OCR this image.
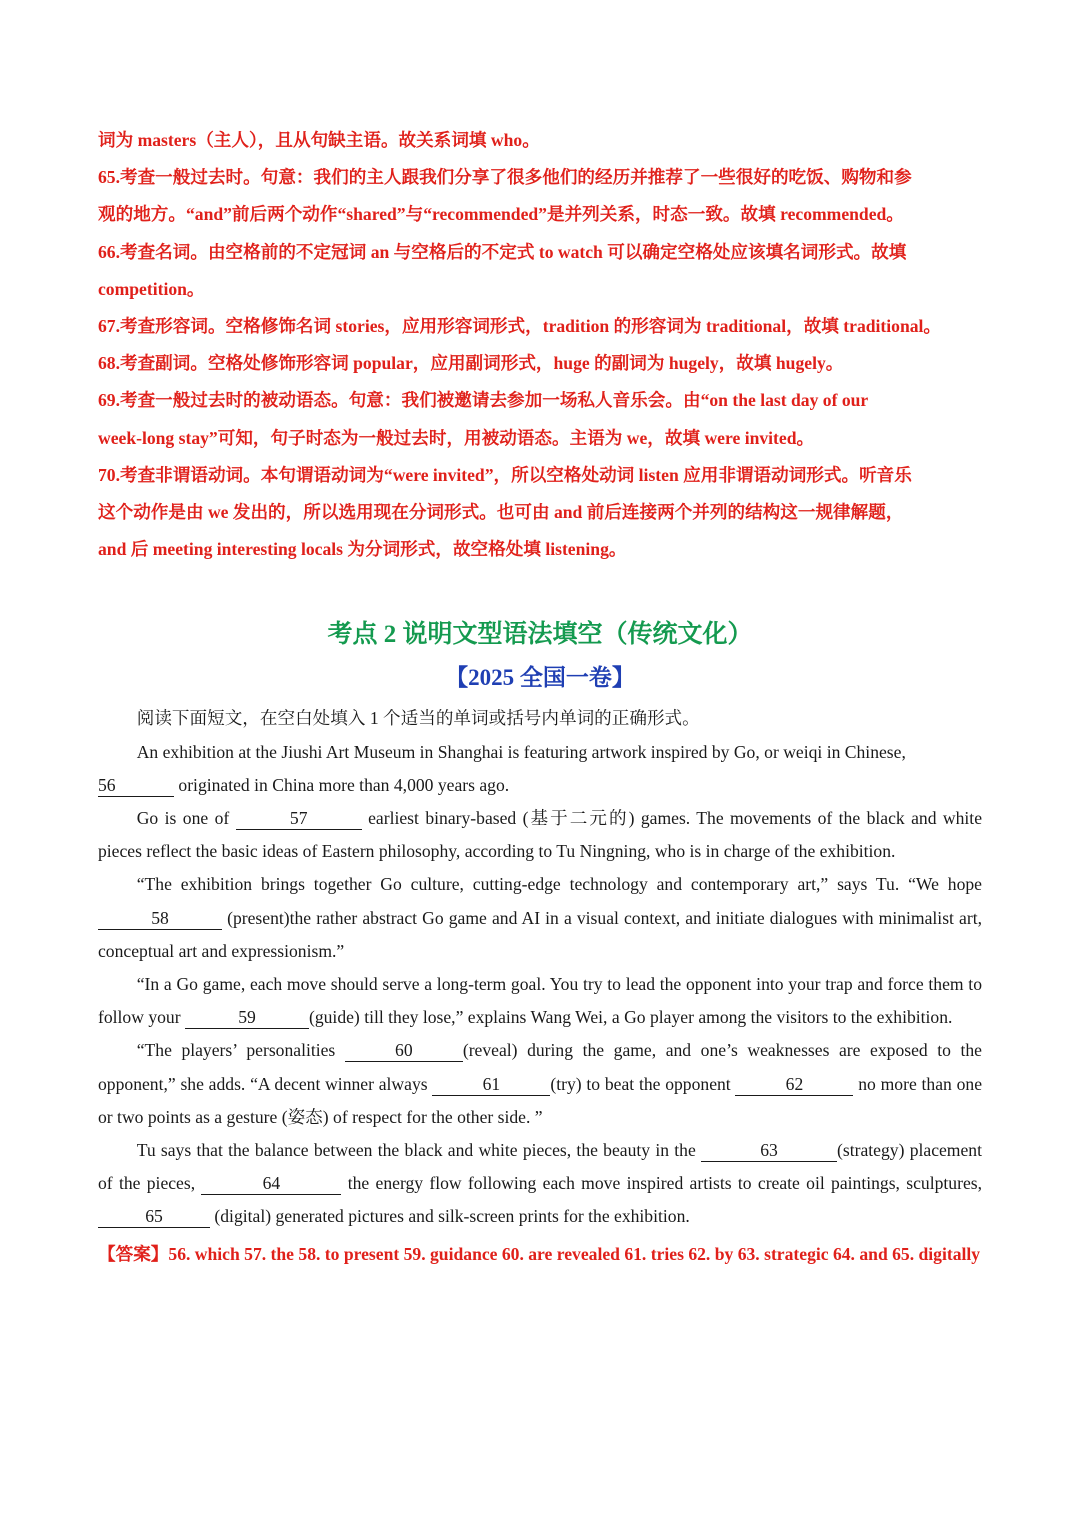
词为 masters（主人），且从句缺主语。故关系词填 who。

65.考查一般过去时。句意：我们的主人跟我们分享了很多他们的经历并推荐了一些很好的吃饭、购物和参

观的地方。“and”前后两个动作“shared”与“recommended”是并列关系，时态一致。故填 recommended。

66.考查名词。由空格前的不定冠词 an 与空格后的不定式 to watch 可以确定空格处应该填名词形式。故填

competition。

67.考查形容词。空格修饰名词 stories，应用形容词形式，tradition 的形容词为 traditional，故填 traditional。

68.考查副词。空格处修饰形容词 popular，应用副词形式，huge 的副词为 hugely，故填 hugely。

69.考查一般过去时的被动语态。句意：我们被邀请去参加一场私人音乐会。由“on the last day of our

week-long stay”可知，句子时态为一般过去时，用被动语态。主语为 we，故填 were invited。

70.考查非谓语动词。本句谓语动词为“were invited”，所以空格处动词 listen 应用非谓语动词形式。听音乐

这个动作是由 we 发出的，所以选用现在分词形式。也可由 and 前后连接两个并列的结构这一规律解题，

and 后 meeting interesting locals 为分词形式，故空格处填 listening。

考点 2 说明文型语法填空（传统文化）
【2025 全国一卷】

阅读下面短文，在空白处填入 1 个适当的单词或括号内单词的正确形式。

An exhibition at the Jiushi Art Museum in Shanghai is featuring artwork inspired by Go, or weiqi in Chinese,
56	originated in China more than 4,000 years ago.

Go is one of	57	earliest binary-based (基于二元的) games. The movements of the black and white pieces reflect the basic ideas of Eastern philosophy, according to Tu Ningning, who is in charge of the exhibition.

“The exhibition brings together Go culture, cutting-edge technology and contemporary art,” says Tu. “We hope 58	(present)the rather abstract Go game and AI in a visual context, and initiate dialogues with minimalist art, conceptual art and expressionism.”

“In a Go game, each move should serve a long-term goal. You try to lead the opponent into your trap and force them to follow your	59	(guide) till they lose,” explains Wang Wei, a Go player among the visitors to the exhibition.

“The players’ personalities	60	(reveal) during the game, and one’s weaknesses are exposed to the opponent,” she adds. “A decent winner always	61	(try) to beat the opponent	62	no more than one or two points as a gesture (姿态) of respect for the other side. ”

Tu says that the balance between the black and white pieces, the beauty in the	63	(strategy) placement of the pieces,	64	the energy flow following each move inspired artists to create oil paintings, sculptures, 65	(digital) generated pictures and silk-screen prints for the exhibition.

【答案】56. which 57. the 58. to present 59. guidance 60. are revealed 61. tries 62. by 63. strategic 64. and 65. digitally
